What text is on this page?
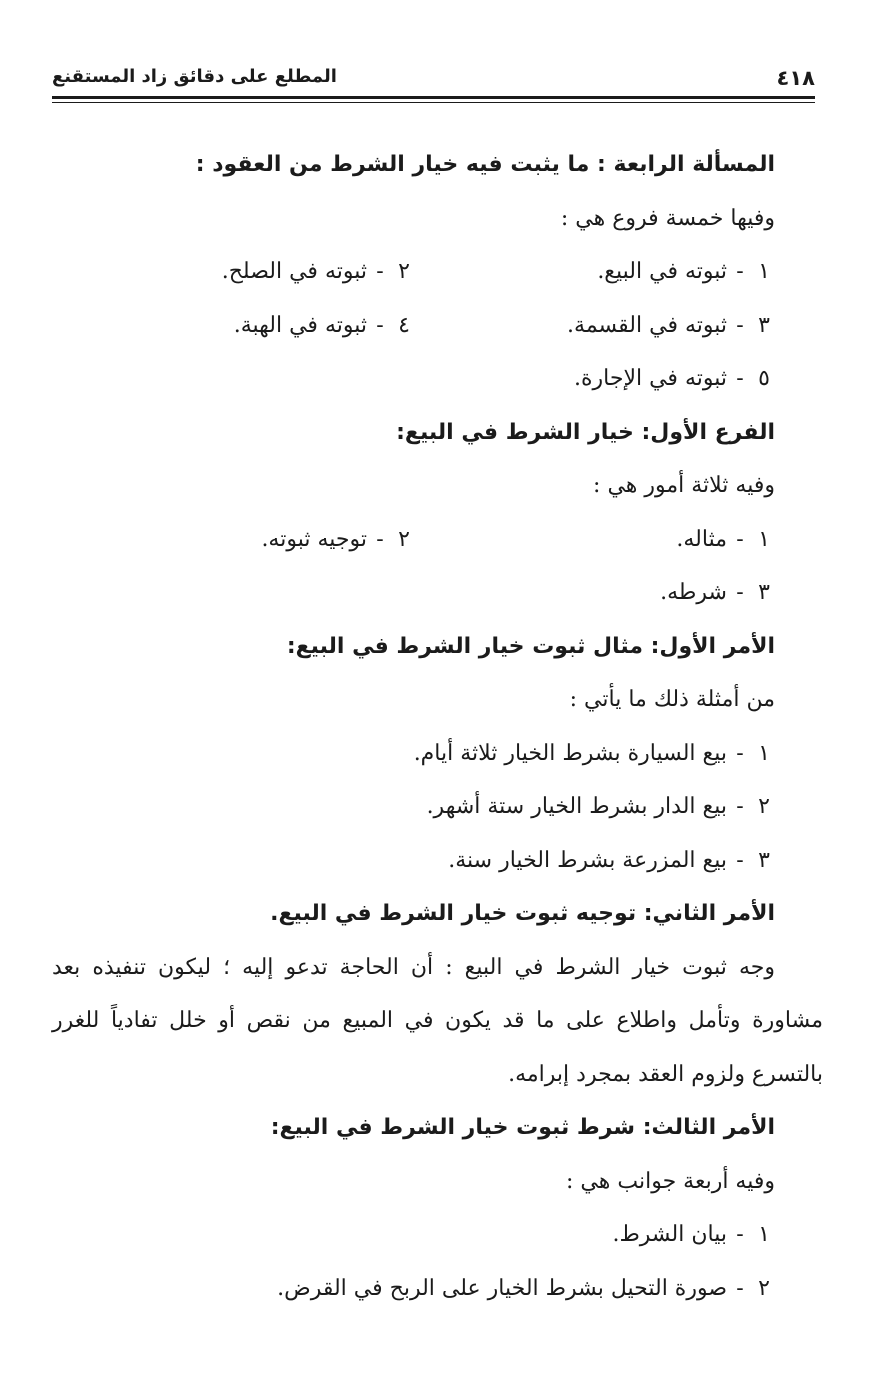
٤١٨
المطلع على دقائق زاد المستقنع
المسألة الرابعة : ما يثبت فيه خيار الشرط من العقود :
وفيها خمسة فروع هي :
١-ثبوته في البيع.
٢-ثبوته في الصلح.
٣-ثبوته في القسمة.
٤-ثبوته في الهبة.
٥-ثبوته في الإجارة.
الفرع الأول: خيار الشرط في البيع:
وفيه ثلاثة أمور هي :
١-مثاله.
٢-توجيه ثبوته.
٣-شرطه.
الأمر الأول: مثال ثبوت خيار الشرط في البيع:
من أمثلة ذلك ما يأتي :
١-بيع السيارة بشرط الخيار ثلاثة أيام.
٢-بيع الدار بشرط الخيار ستة أشهر.
٣-بيع المزرعة بشرط الخيار سنة.
الأمر الثاني: توجيه ثبوت خيار الشرط في البيع.
وجه ثبوت خيار الشرط في البيع : أن الحاجة تدعو إليه ؛ ليكون تنفيذه بعد
مشاورة وتأمل واطلاع على ما قد يكون في المبيع من نقص أو خلل تفادياً للغرر
بالتسرع ولزوم العقد بمجرد إبرامه.
الأمر الثالث: شرط ثبوت خيار الشرط في البيع:
وفيه أربعة جوانب هي :
١-بيان الشرط.
٢-صورة التحيل بشرط الخيار على الربح في القرض.
